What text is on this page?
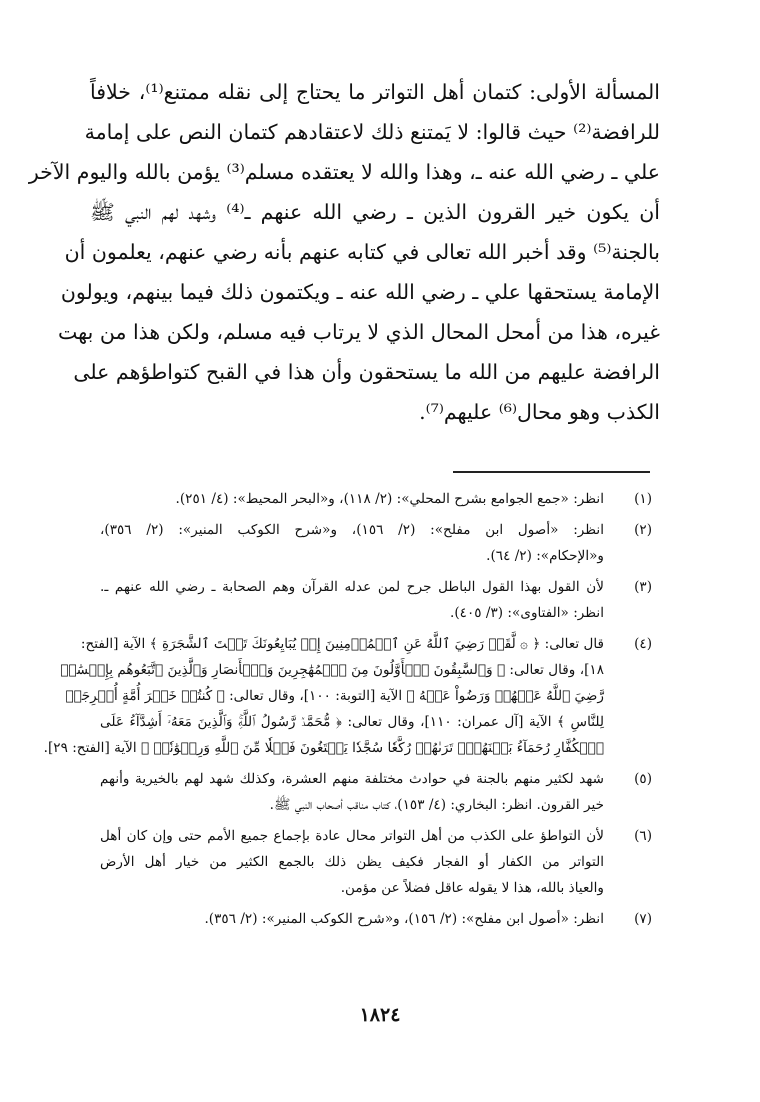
المسألة الأولى: كتمان أهل التواتر ما يحتاج إلى نقله ممتنع⁽¹⁾، خلافاً
للرافضة⁽²⁾ حيث قالوا: لا يَمتنع ذلك لاعتقادهم كتمان النص على إمامة
علي ـ رضي الله عنه ـ، وهذا والله لا يعتقده مسلم⁽³⁾ يؤمن بالله واليوم الآخر
أن يكون خير القرون الذين ـ رضي الله عنهم ـ⁽⁴⁾ وشهد لهم النبي ﷺ
بالجنة⁽⁵⁾ وقد أخبر الله تعالى في كتابه عنهم بأنه رضي عنهم، يعلمون أن
الإمامة يستحقها علي ـ رضي الله عنه ـ ويكتمون ذلك فيما بينهم، ويولون
غيره، هذا من أمحل المحال الذي لا يرتاب فيه مسلم، ولكن هذا من بهت
الرافضة عليهم من الله ما يستحقون وأن هذا في القبح كتواطؤهم على
الكذب وهو محال⁽⁶⁾ عليهم⁽⁷⁾.
(١)
انظر: «جمع الجوامع بشرح المحلي»: (٢/ ١١٨)، و«البحر المحيط»: (٤/ ٢٥١).
(٢)
انظر: «أصول ابن مفلح»: (٢/ ١٥٦)، و«شرح الكوكب المنير»: (٢/ ٣٥٦)،
و«الإحكام»: (٢/ ٦٤).
(٣)
لأن القول بهذا القول الباطل جرح لمن عدله القرآن وهم الصحابة ـ رضي الله عنهم ـ.
انظر: «الفتاوى»: (٣/ ٤٠٥).
(٤)
قال تعالى: ﴿ ۞ لَّقَدۡ رَضِيَ ٱللَّهُ عَنِ ٱلۡمُؤۡمِنِينَ إِذۡ يُبَايِعُونَكَ تَحۡتَ ٱلشَّجَرَةِ ﴾ الآية [الفتح:
١٨]، وقال تعالى: ﴿ وَٱلسَّٰبِقُونَ ٱلۡأَوَّلُونَ مِنَ ٱلۡمُهَٰجِرِينَ وَٱلۡأَنصَارِ وَٱلَّذِينَ ٱتَّبَعُوهُم بِإِحۡسَٰنٖ
رَّضِيَ ٱللَّهُ عَنۡهُمۡ وَرَضُواْ عَنۡهُ ﴾ الآية [التوبة: ١٠٠]، وقال تعالى: ﴿ كُنتُمۡ خَيۡرَ أُمَّةٍ أُخۡرِجَتۡ
لِلنَّاسِ ﴾ الآية [آل عمران: ١١٠]، وقال تعالى: ﴿ مُّحَمَّدٞ رَّسُولُ ٱللَّهِۚ وَٱلَّذِينَ مَعَهُۥٓ أَشِدَّآءُ عَلَى
ٱلۡكُفَّارِ رُحَمَآءُ بَيۡنَهُمۡۖ تَرَىٰهُمۡ رُكَّعٗا سُجَّدٗا يَبۡتَغُونَ فَضۡلٗا مِّنَ ٱللَّهِ وَرِضۡوَٰنٗاۖ ﴾ الآية [الفتح: ٢٩].
(٥)
شهد لكثير منهم بالجنة في حوادث مختلفة منهم العشرة، وكذلك شهد لهم بالخيرية وأنهم
خير القرون. انظر: البخاري: (٤/ ١٥٣)، كتاب مناقب أصحاب النبي ﷺ.
(٦)
لأن التواطؤ على الكذب من أهل التواتر محال عادة بإجماع جميع الأمم حتى وإن كان أهل
التواتر من الكفار أو الفجار فكيف يظن ذلك بالجمع الكثير من خيار أهل الأرض
والعياذ بالله، هذا لا يقوله عاقل فضلاً عن مؤمن.
(٧)
انظر: «أصول ابن مفلح»: (٢/ ١٥٦)، و«شرح الكوكب المنير»: (٢/ ٣٥٦).
١٨٢٤
